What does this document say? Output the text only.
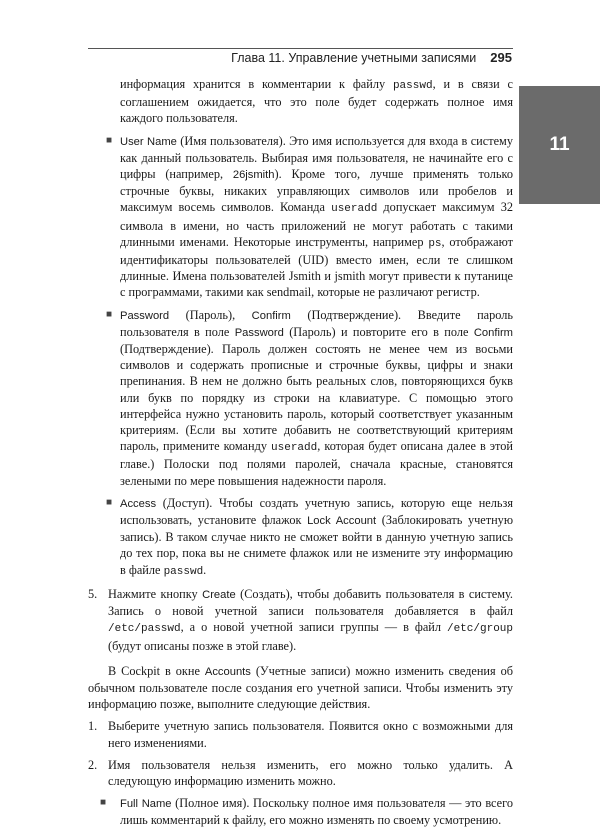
Глава 11. Управление учетными записями 295
11

информация хранится в комментарии к файлу passwd, и в связи с соглашением ожидается, что это поле будет содержать полное имя каждого пользователя.

■ User Name (Имя пользователя). Это имя используется для входа в систему как данный пользователь. Выбирая имя пользователя, не начинайте его с цифры (например, 26jsmith). Кроме того, лучше применять только строчные буквы, никаких управляющих символов или пробелов и максимум восемь символов. Команда useradd допускает максимум 32 символа в имени, но часть приложений не могут работать с такими длинными именами. Некоторые инструменты, например ps, отображают идентификаторы пользователей (UID) вместо имен, если те слишком длинные. Имена пользователей Jsmith и jsmith могут привести к путанице с программами, такими как sendmail, которые не различают регистр.

■ Password (Пароль), Confirm (Подтверждение). Введите пароль пользователя в поле Password (Пароль) и повторите его в поле Confirm (Подтверждение). Пароль должен состоять не менее чем из восьми символов и содержать прописные и строчные буквы, цифры и знаки препинания. В нем не должно быть реальных слов, повторяющихся букв или букв по порядку из строки на клавиатуре. С помощью этого интерфейса нужно установить пароль, который соответствует указанным критериям. (Если вы хотите добавить не соответствующий критериям пароль, примените команду useradd, которая будет описана далее в этой главе.) Полоски под полями паролей, сначала красные, становятся зелеными по мере повышения надежности пароля.

■ Access (Доступ). Чтобы создать учетную запись, которую еще нельзя использовать, установите флажок Lock Account (Заблокировать учетную запись). В таком случае никто не сможет войти в данную учетную запись до тех пор, пока вы не снимете флажок или не измените эту информацию в файле passwd.

5. Нажмите кнопку Create (Создать), чтобы добавить пользователя в систему. Запись о новой учетной записи пользователя добавляется в файл /etc/passwd, а о новой учетной записи группы — в файл /etc/group (будут описаны позже в этой главе).

В Cockpit в окне Accounts (Учетные записи) можно изменить сведения об обычном пользователе после создания его учетной записи. Чтобы изменить эту информацию позже, выполните следующие действия.

1. Выберите учетную запись пользователя. Появится окно с возможными для него изменениями.

2. Имя пользователя нельзя изменить, его можно только удалить. А следующую информацию изменить можно.

■ Full Name (Полное имя). Поскольку полное имя пользователя — это всего лишь комментарий к файлу, его можно изменять по своему усмотрению.
